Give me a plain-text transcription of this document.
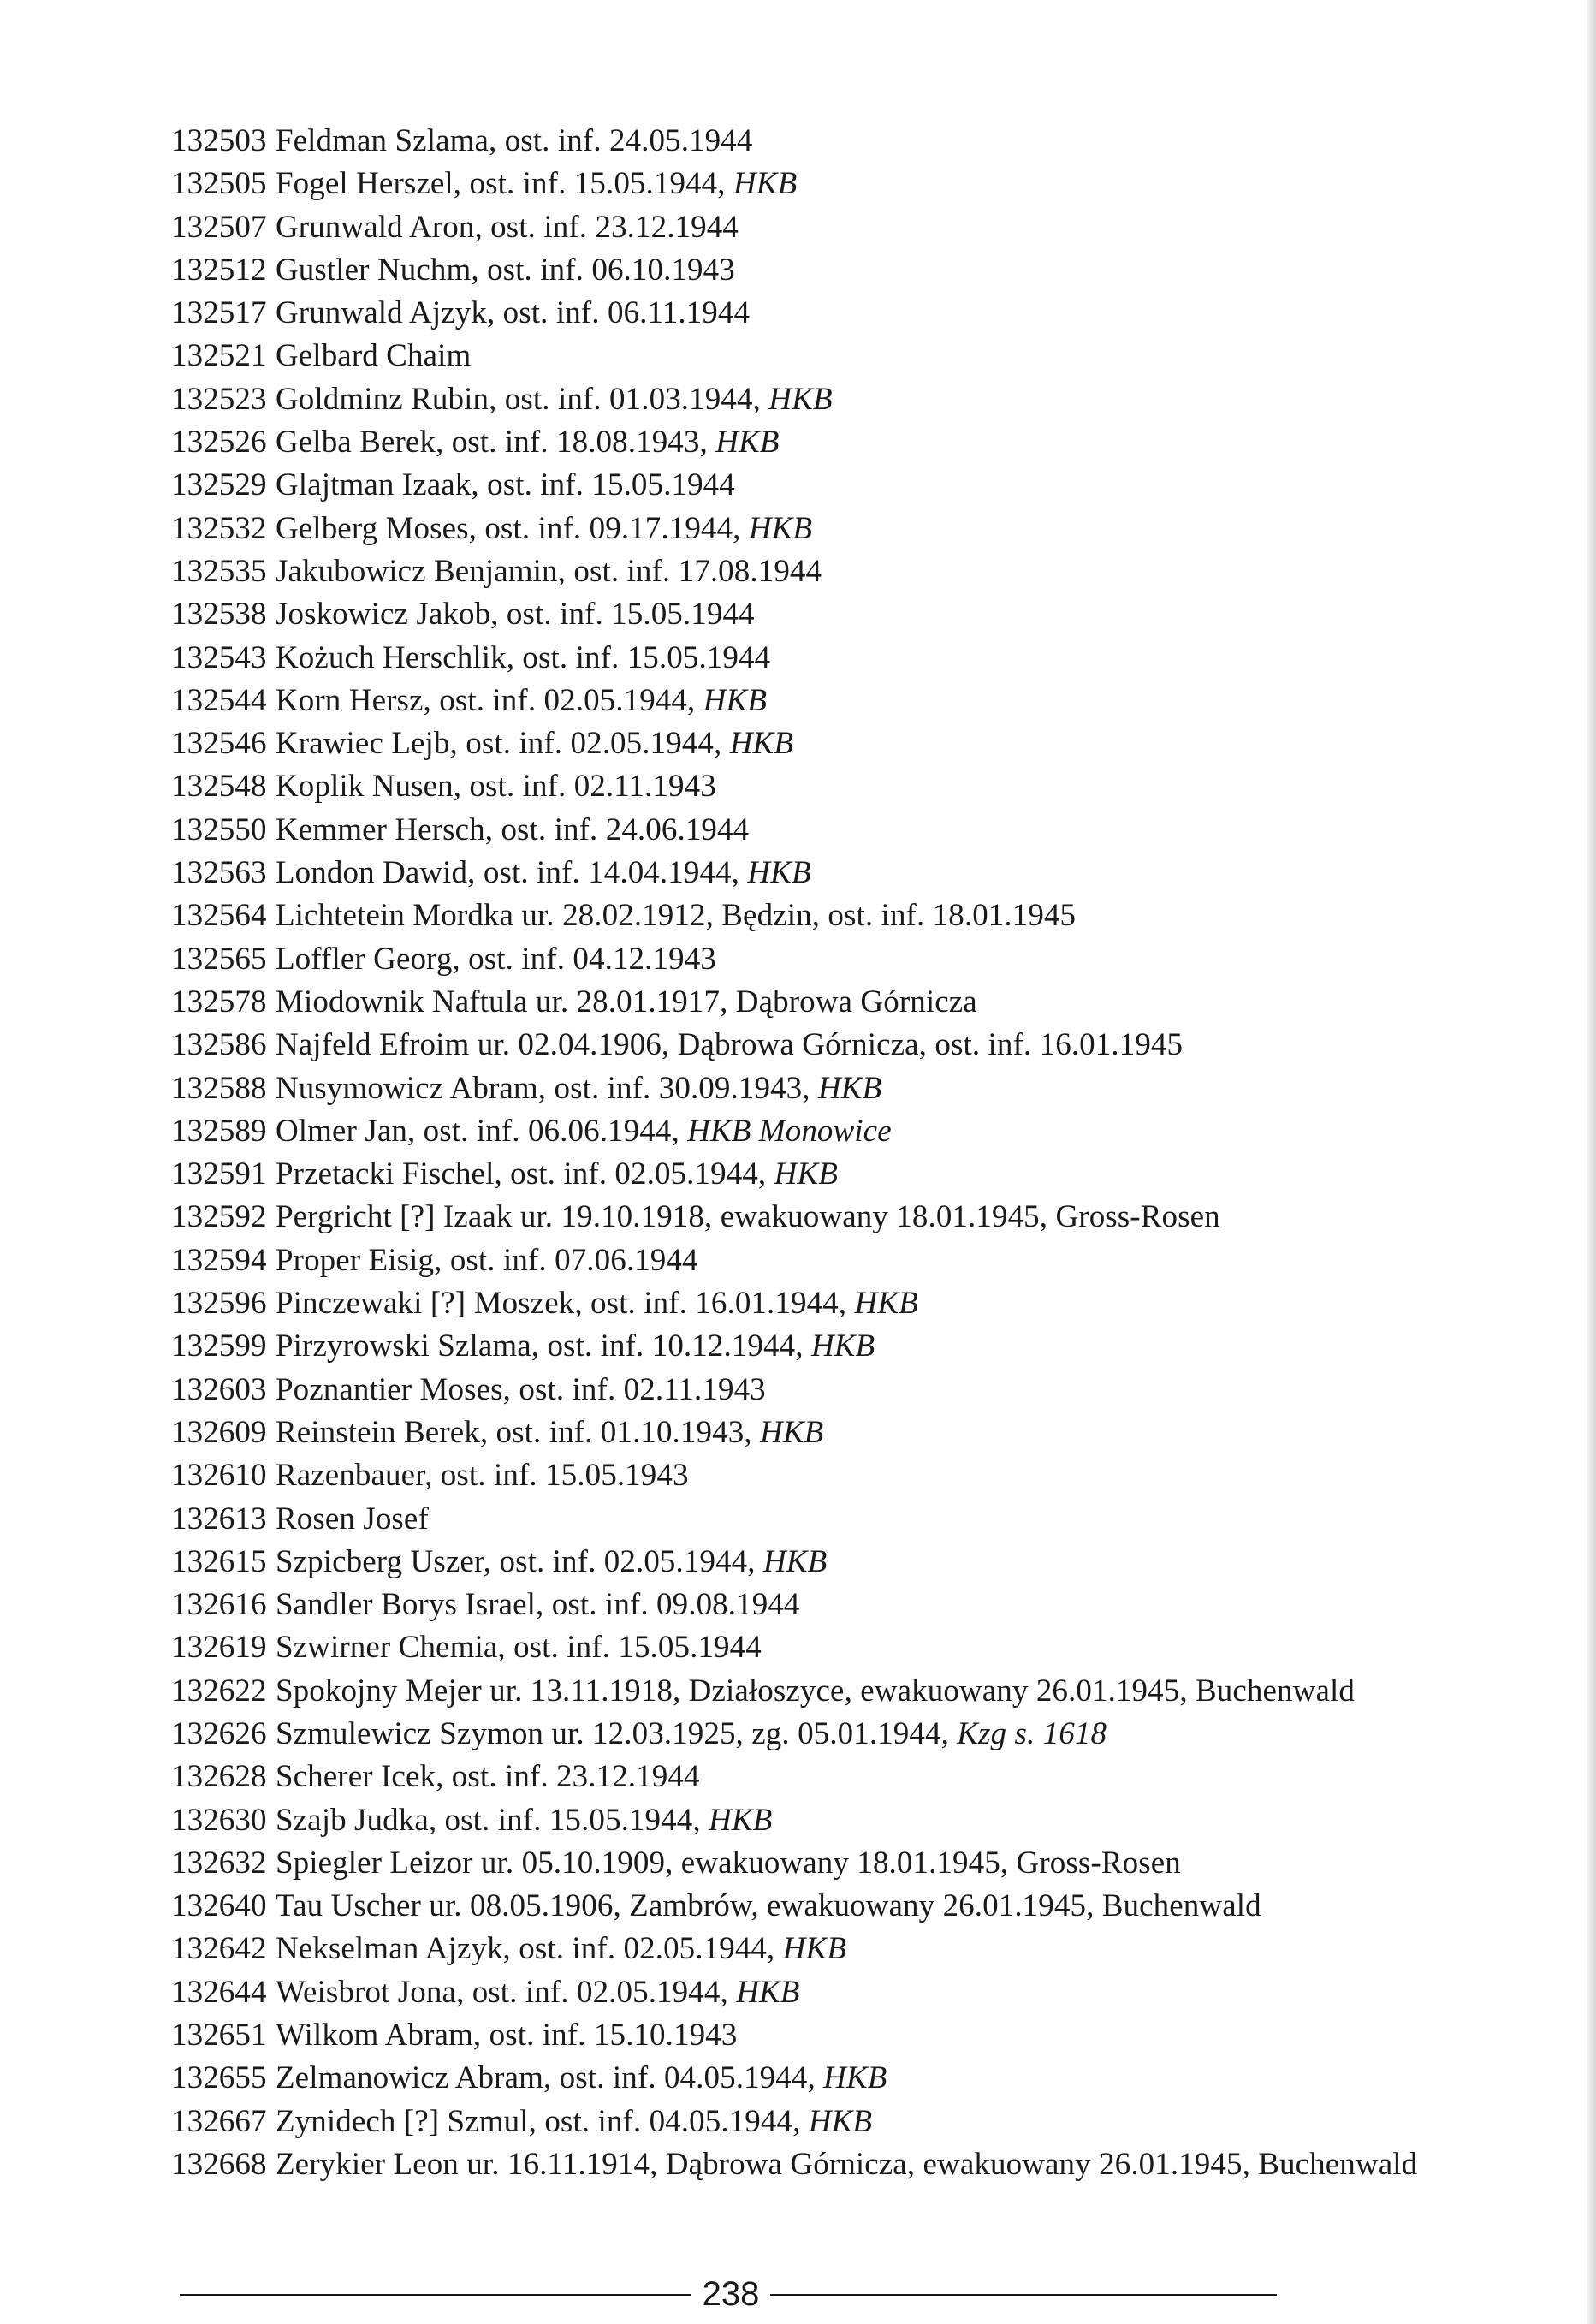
132503 Feldman Szlama, ost. inf. 24.05.1944
132505 Fogel Herszel, ost. inf. 15.05.1944, HKB
132507 Grunwald Aron, ost. inf. 23.12.1944
132512 Gustler Nuchm, ost. inf. 06.10.1943
132517 Grunwald Ajzyk, ost. inf. 06.11.1944
132521 Gelbard Chaim
132523 Goldminz Rubin, ost. inf. 01.03.1944, HKB
132526 Gelba Berek, ost. inf. 18.08.1943, HKB
132529 Glajtman Izaak, ost. inf. 15.05.1944
132532 Gelberg Moses, ost. inf. 09.17.1944, HKB
132535 Jakubowicz Benjamin, ost. inf. 17.08.1944
132538 Joskowicz Jakob, ost. inf. 15.05.1944
132543 Kożuch Herschlik, ost. inf. 15.05.1944
132544 Korn Hersz, ost. inf. 02.05.1944, HKB
132546 Krawiec Lejb, ost. inf. 02.05.1944, HKB
132548 Koplik Nusen, ost. inf. 02.11.1943
132550 Kemmer Hersch, ost. inf. 24.06.1944
132563 London Dawid, ost. inf. 14.04.1944, HKB
132564 Lichtetein Mordka ur. 28.02.1912, Będzin, ost. inf. 18.01.1945
132565 Loffler Georg, ost. inf. 04.12.1943
132578 Miodownik Naftula ur. 28.01.1917, Dąbrowa Górnicza
132586 Najfeld Efroim ur. 02.04.1906, Dąbrowa Górnicza, ost. inf. 16.01.1945
132588 Nusymowicz Abram, ost. inf. 30.09.1943, HKB
132589 Olmer Jan, ost. inf. 06.06.1944, HKB Monowice
132591 Przetacki Fischel, ost. inf. 02.05.1944, HKB
132592 Pergricht [?] Izaak ur. 19.10.1918, ewakuowany 18.01.1945, Gross-Rosen
132594 Proper Eisig, ost. inf. 07.06.1944
132596 Pinczewaki [?] Moszek, ost. inf. 16.01.1944, HKB
132599 Pirzyrowski Szlama, ost. inf. 10.12.1944, HKB
132603 Poznantier Moses, ost. inf. 02.11.1943
132609 Reinstein Berek, ost. inf. 01.10.1943, HKB
132610 Razenbauer, ost. inf. 15.05.1943
132613 Rosen Josef
132615 Szpicberg Uszer, ost. inf. 02.05.1944, HKB
132616 Sandler Borys Israel, ost. inf. 09.08.1944
132619 Szwirner Chemia, ost. inf. 15.05.1944
132622 Spokojny Mejer ur. 13.11.1918, Działoszyce, ewakuowany 26.01.1945, Buchenwald
132626 Szmulewicz Szymon ur. 12.03.1925, zg. 05.01.1944, Kzg s. 1618
132628 Scherer Icek, ost. inf. 23.12.1944
132630 Szajb Judka, ost. inf. 15.05.1944, HKB
132632 Spiegler Leizor ur. 05.10.1909, ewakuowany 18.01.1945, Gross-Rosen
132640 Tau Uscher ur. 08.05.1906, Zambrów, ewakuowany 26.01.1945, Buchenwald
132642 Nekselman Ajzyk, ost. inf. 02.05.1944, HKB
132644 Weisbrot Jona, ost. inf. 02.05.1944, HKB
132651 Wilkom Abram, ost. inf. 15.10.1943
132655 Zelmanowicz Abram, ost. inf. 04.05.1944, HKB
132667 Zynidech [?] Szmul, ost. inf. 04.05.1944, HKB
132668 Zerykier Leon ur. 16.11.1914, Dąbrowa Górnicza, ewakuowany 26.01.1945, Buchenwald
238
